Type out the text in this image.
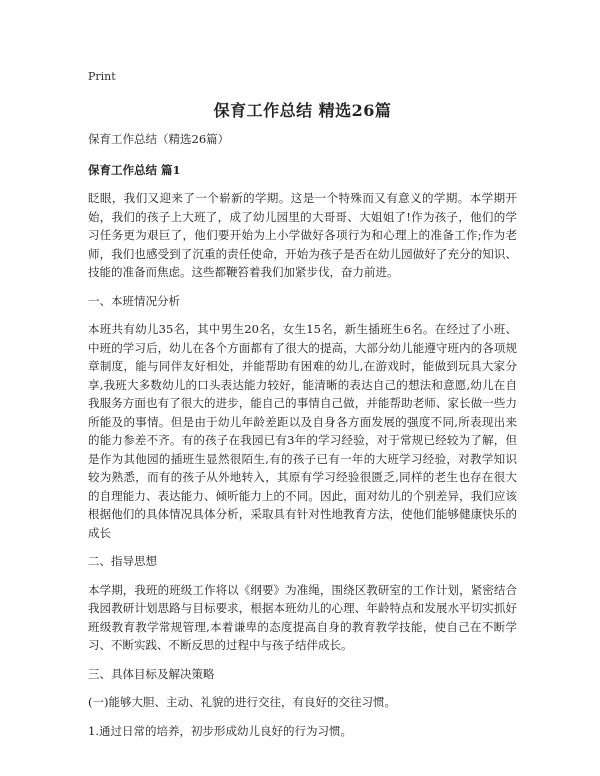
Print
保育工作总结 精选26篇

保育工作总结（精选26篇）

保育工作总结 篇1

眨眼，我们又迎来了一个崭新的学期。这是一个特殊而又有意义的学期。本学期开始，我们的孩子上大班了，成了幼儿园里的大哥哥、大姐姐了!作为孩子，他们的学习任务更为艰巨了，他们要开始为上小学做好各项行为和心理上的准备工作;作为老师，我们也感受到了沉重的责任使命，开始为孩子是否在幼儿园做好了充分的知识、技能的准备而焦虑。这些都鞭笞着我们加紧步伐，奋力前进。

一、本班情况分析

本班共有幼儿35名，其中男生20名，女生15名，新生插班生6名。在经过了小班、中班的学习后，幼儿在各个方面都有了很大的提高，大部分幼儿能遵守班内的各项规章制度，能与同伴友好相处，并能帮助有困难的幼儿,在游戏时，能做到玩具大家分享,我班大多数幼儿的口头表达能力较好，能清晰的表达自己的想法和意愿,幼儿在自我服务方面也有了很大的进步，能自己的事情自己做，并能帮助老师、家长做一些力所能及的事情。但是由于幼儿年龄差距以及自身各方面发展的强度不同,所表现出来的能力参差不齐。有的孩子在我园已有3年的学习经验，对于常规已经较为了解，但是作为其他园的插班生显然很陌生,有的孩子已有一年的大班学习经验，对教学知识较为熟悉，而有的孩子从外地转入，其原有学习经验很匮乏,同样的老生也存在很大的自理能力、表达能力、倾听能力上的不同。因此，面对幼儿的个别差异，我们应该根据他们的具体情况具体分析，采取具有针对性地教育方法，使他们能够健康快乐的成长

二、指导思想

本学期，我班的班级工作将以《纲要》为准绳，围绕区教研室的工作计划，紧密结合我园教研计划思路与目标要求，根据本班幼儿的心理、年龄特点和发展水平切实抓好班级教育教学常规管理,本着谦卑的态度提高自身的教育教学技能，使自己在不断学习、不断实践、不断反思的过程中与孩子结伴成长。

三、具体目标及解决策略

(一)能够大胆、主动、礼貌的进行交往，有良好的交往习惯。

1.通过日常的培养，初步形成幼儿良好的行为习惯。
